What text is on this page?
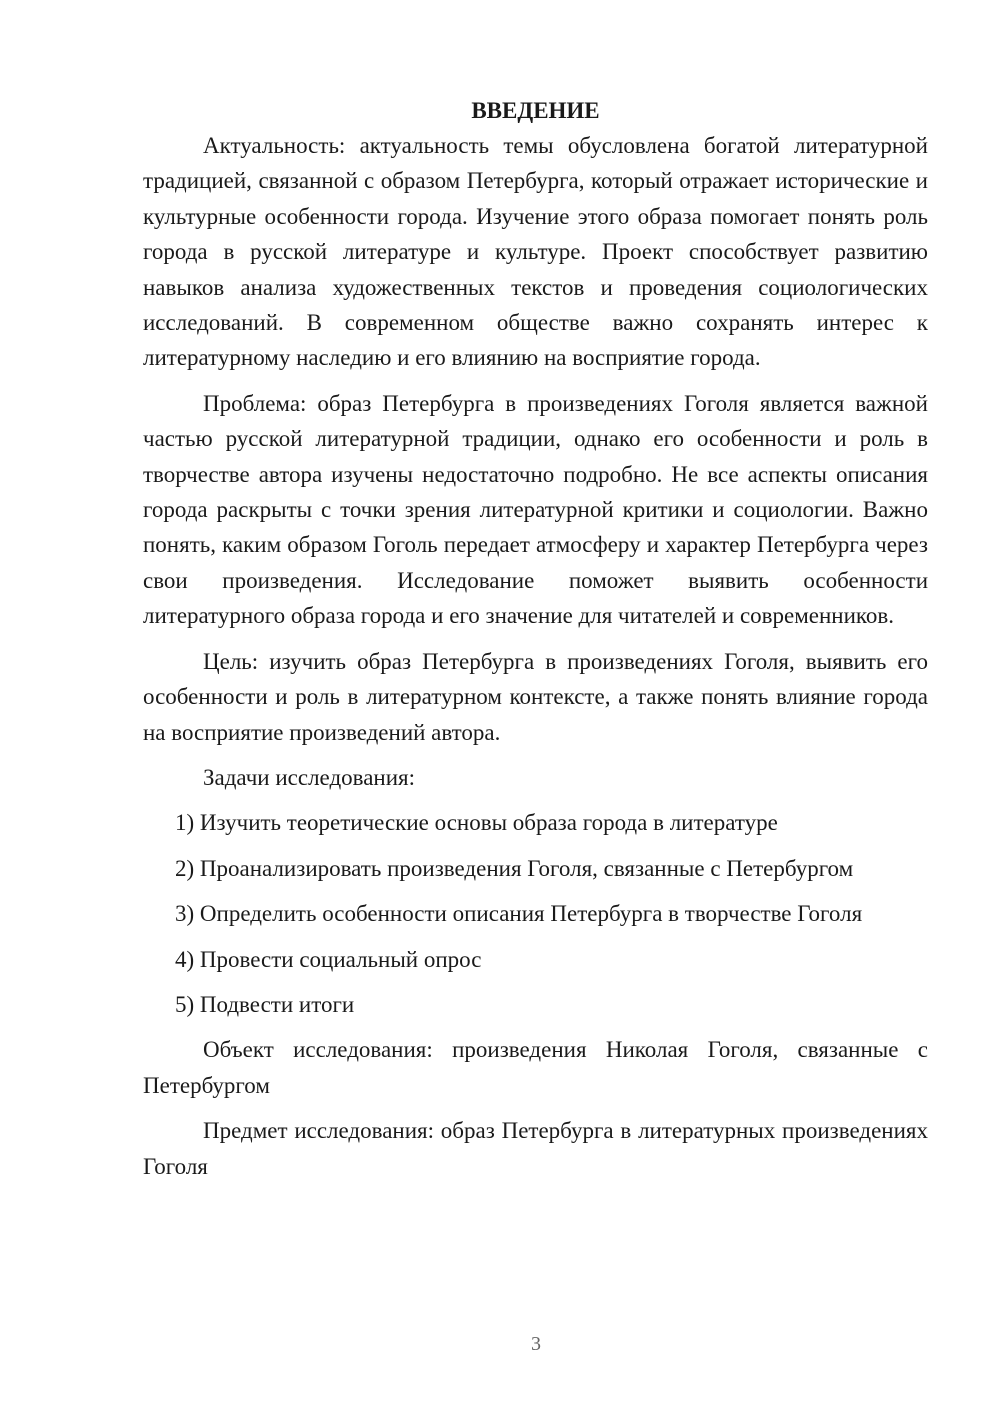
ВВЕДЕНИЕ

Актуальность: актуальность темы обусловлена богатой литературной традицией, связанной с образом Петербурга, который отражает исторические и культурные особенности города. Изучение этого образа помогает понять роль города в русской литературе и культуре. Проект способствует развитию навыков анализа художественных текстов и проведения социологических исследований. В современном обществе важно сохранять интерес к литературному наследию и его влиянию на восприятие города.

Проблема: образ Петербурга в произведениях Гоголя является важной частью русской литературной традиции, однако его особенности и роль в творчестве автора изучены недостаточно подробно. Не все аспекты описания города раскрыты с точки зрения литературной критики и социологии. Важно понять, каким образом Гоголь передает атмосферу и характер Петербурга через свои произведения. Исследование поможет выявить особенности литературного образа города и его значение для читателей и современников.

Цель: изучить образ Петербурга в произведениях Гоголя, выявить его особенности и роль в литературном контексте, а также понять влияние города на восприятие произведений автора.

Задачи исследования:

1) Изучить теоретические основы образа города в литературе
2) Проанализировать произведения Гоголя, связанные с Петербургом
3) Определить особенности описания Петербурга в творчестве Гоголя
4) Провести социальный опрос
5) Подвести итоги

Объект исследования: произведения Николая Гоголя, связанные с Петербургом

Предмет исследования: образ Петербурга в литературных произведениях Гоголя

3
